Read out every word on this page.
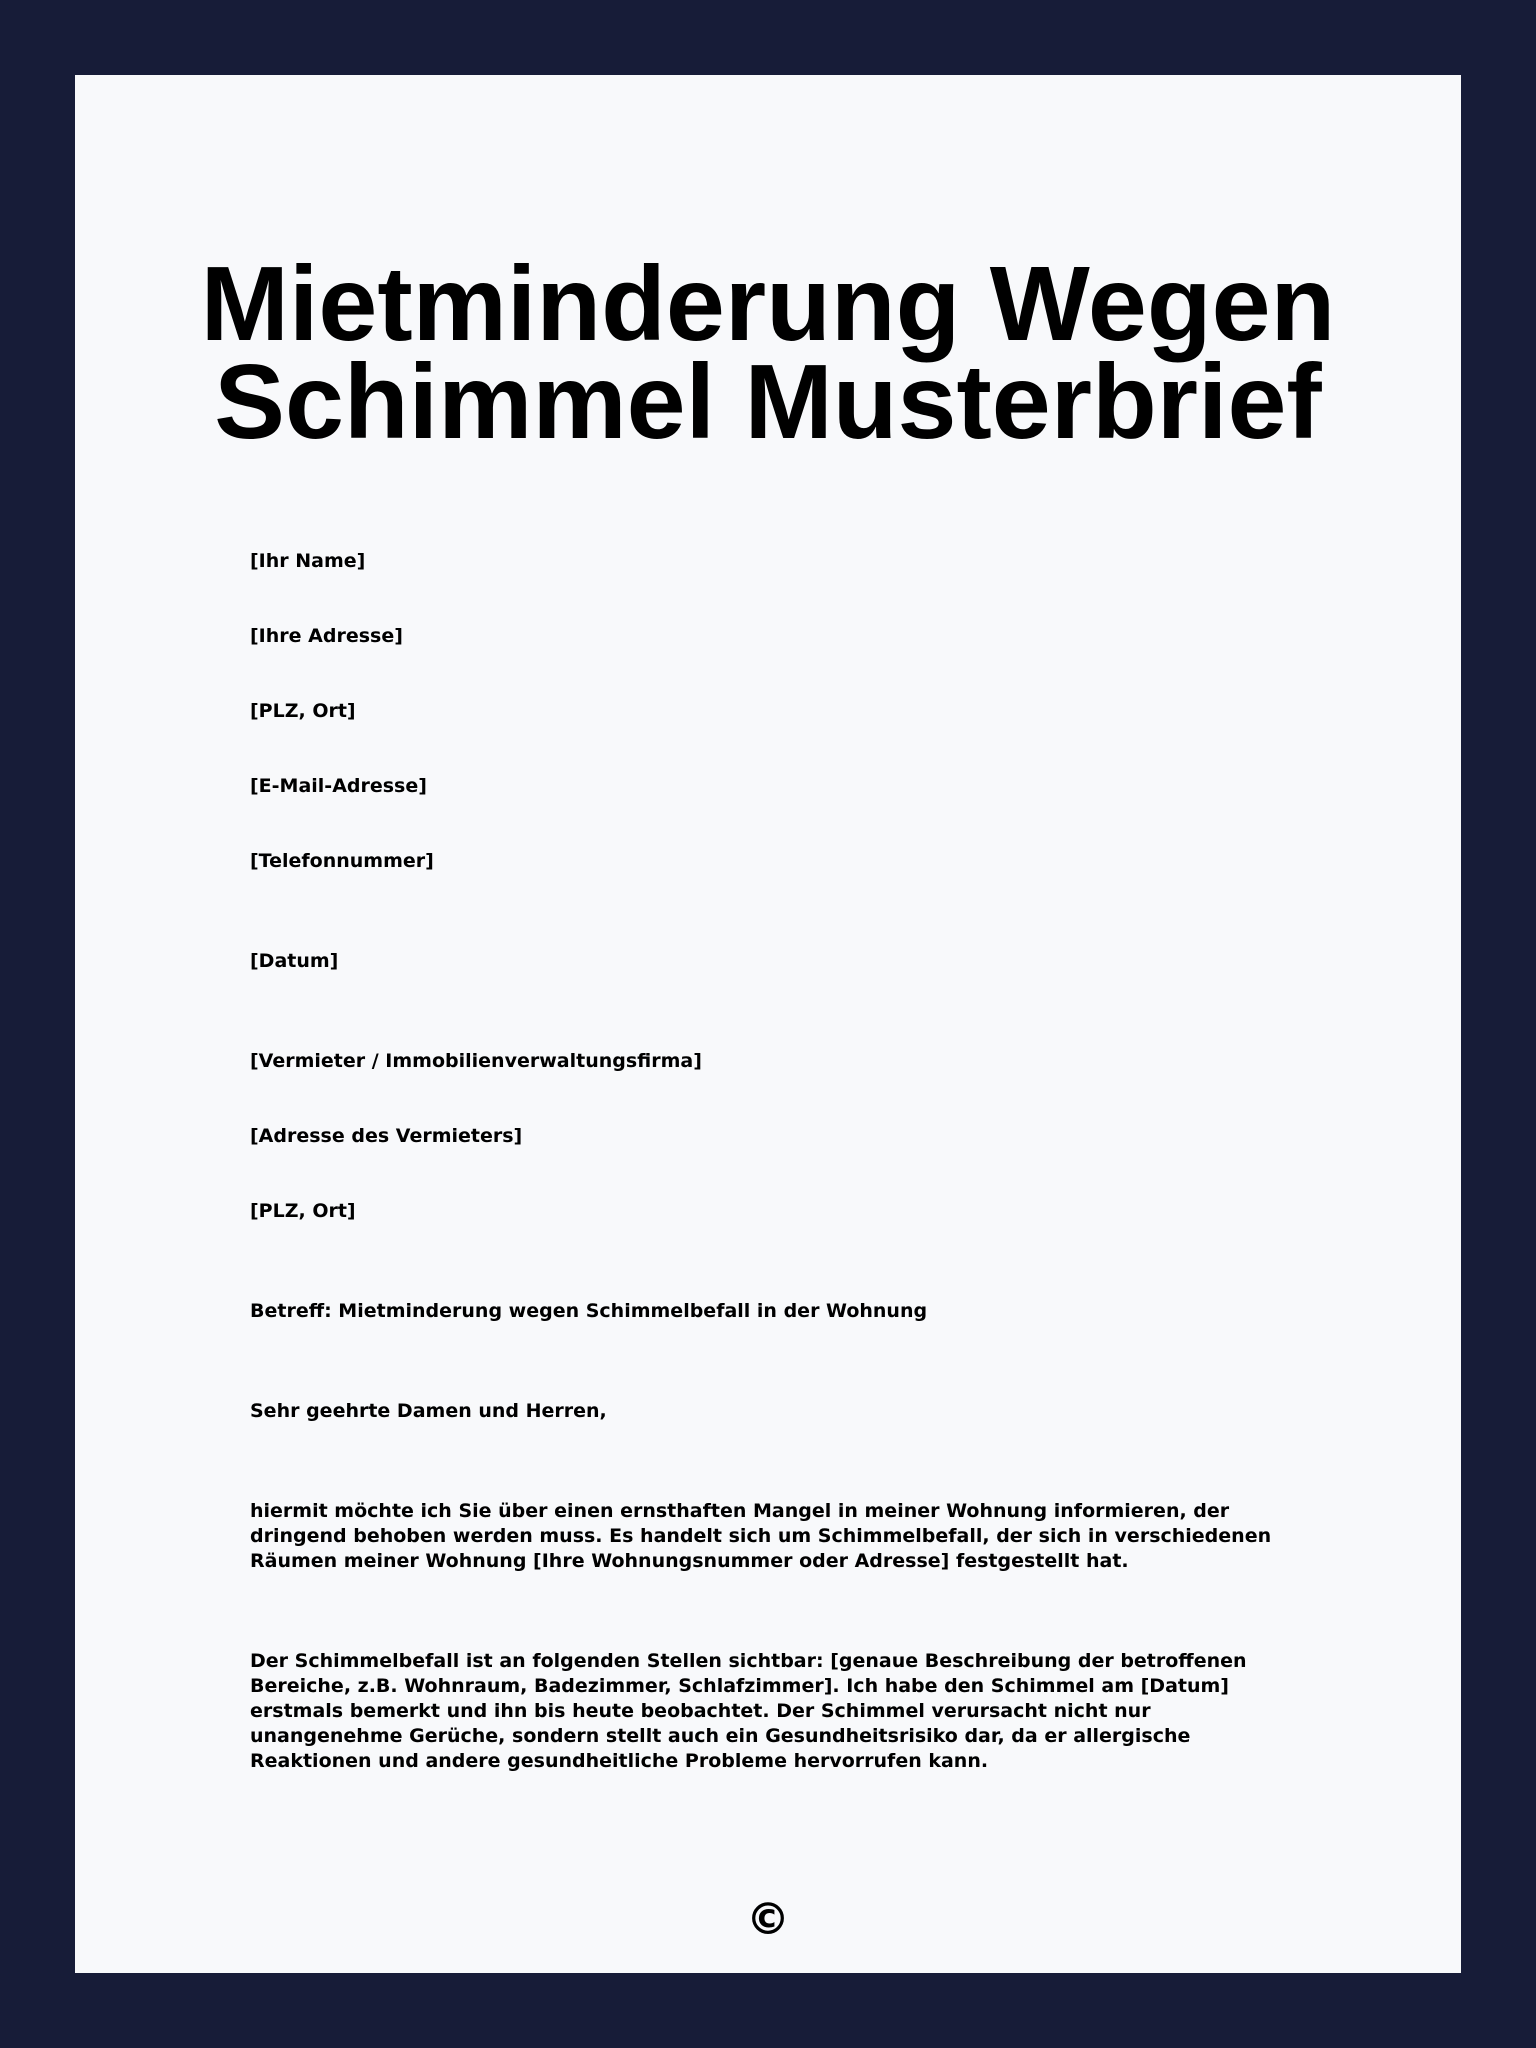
Mietminderung Wegen
Schimmel Musterbrief

[Ihr Name]

[Ihre Adresse]

[PLZ, Ort]

[E-Mail-Adresse]

[Telefonnummer]

[Datum]

[Vermieter / Immobilienverwaltungsfirma]

[Adresse des Vermieters]

[PLZ, Ort]

Betreff: Mietminderung wegen Schimmelbefall in der Wohnung

Sehr geehrte Damen und Herren,

hiermit möchte ich Sie über einen ernsthaften Mangel in meiner Wohnung informieren, der dringend behoben werden muss. Es handelt sich um Schimmelbefall, der sich in verschiedenen Räumen meiner Wohnung [Ihre Wohnungsnummer oder Adresse] festgestellt hat.

Der Schimmelbefall ist an folgenden Stellen sichtbar: [genaue Beschreibung der betroffenen Bereiche, z.B. Wohnraum, Badezimmer, Schlafzimmer]. Ich habe den Schimmel am [Datum] erstmals bemerkt und ihn bis heute beobachtet. Der Schimmel verursacht nicht nur unangenehme Gerüche, sondern stellt auch ein Gesundheitsrisiko dar, da er allergische Reaktionen und andere gesundheitliche Probleme hervorrufen kann.

©
